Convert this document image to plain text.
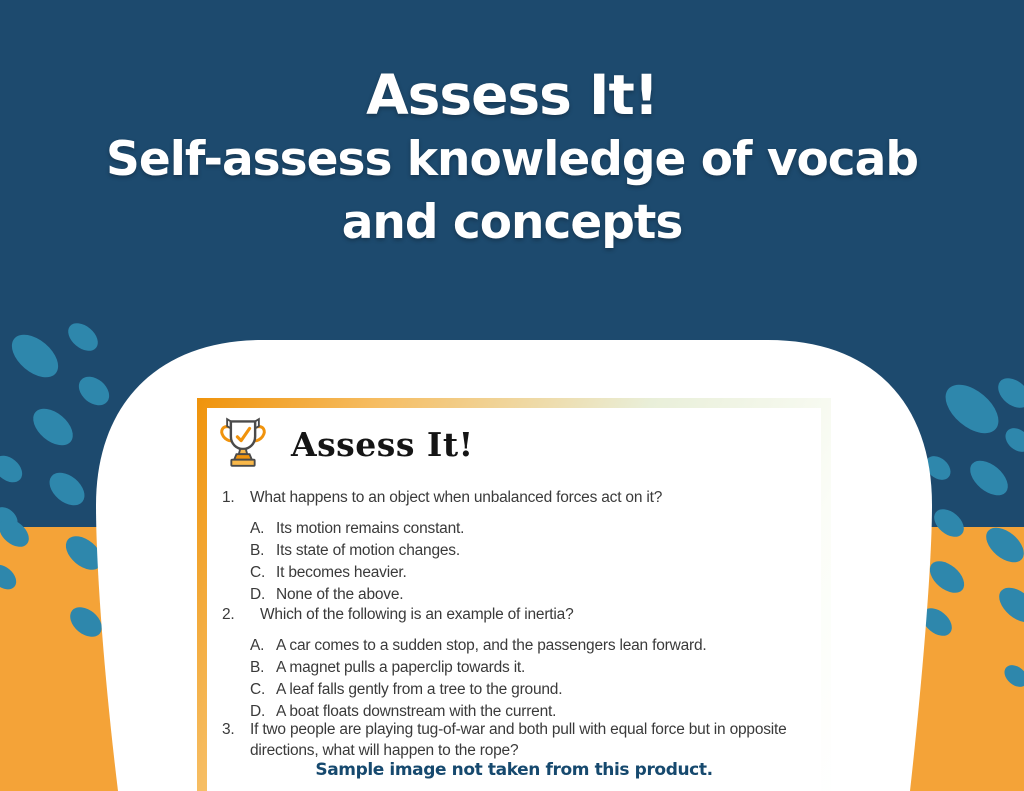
Assess It!
Self-assess knowledge of vocab
and concepts
Assess It!
1. What happens to an object when unbalanced forces act on it?
A. Its motion remains constant.
B. Its state of motion changes.
C. It becomes heavier.
D. None of the above.
2.	Which of the following is an example of inertia?
A. A car comes to a sudden stop, and the passengers lean forward.
B. A magnet pulls a paperclip towards it.
C. A leaf falls gently from a tree to the ground.
D. A boat floats downstream with the current.
3. If two people are playing tug-of-war and both pull with equal force but in opposite directions, what will happen to the rope?
Sample image not taken from this product.
